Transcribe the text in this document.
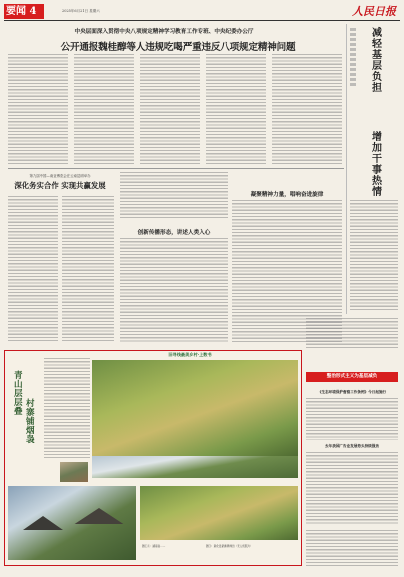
要闻 4	2025年6月21日 星期六	人民日报
中央层面深入贯彻中央八项规定精神学习教育工作专班、中央纪委办公厅
公开通报魏桂醇等人违规吃喝严重违反八项规定精神问题
减轻基层负担
增加干事热情
第九届中国—南亚博览会在云南昆明举办
深化务实合作 实现共赢发展
创新传播形态，讲述人类入心
凝聚精神力量，唱响奋进旋律
整治形式主义为基层减负
《生态环境保护督察工作条例》今日起施行
去年我国广告业发展势头持续强劲
旧寻线最美乡村·上数书
青山层层叠
村寨铺烟袅
图①②：湖南省……	图③：新化县紫鹊界梯田（无人机照片）
